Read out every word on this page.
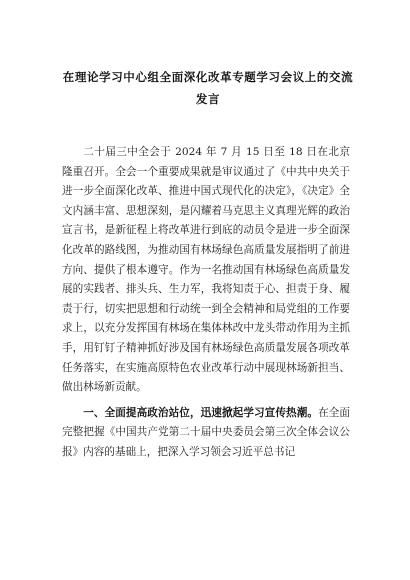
在理论学习中心组全面深化改革专题学习会议上的交流发言

二十届三中全会于 2024 年 7 月 15 日至 18 日在北京隆重召开。全会一个重要成果就是审议通过了《中共中央关于进一步全面深化改革、推进中国式现代化的决定》，《决定》全文内涵丰富、思想深刻，是闪耀着马克思主义真理光辉的政治宣言书，是新征程上将改革进行到底的动员令是进一步全面深化改革的路线图，为推动国有林场绿色高质量发展指明了前进方向、提供了根本遵守。作为一名推动国有林场绿色高质量发展的实践者、排头兵、生力军，我将知责于心、担责于身、履责于行，切实把思想和行动统一到全会精神和局党组的工作要求上，以充分发挥国有林场在集体林改中龙头带动作用为主抓手，用钉钉子精神抓好涉及国有林场绿色高质量发展各项改革任务落实，在实施高原特色农业改革行动中展现林场新担当、做出林场新贡献。

一、全面提高政治站位，迅速掀起学习宣传热潮。在全面完整把握《中国共产党第二十届中央委员会第三次全体会议公报》内容的基础上，把深入学习领会习近平总书记
